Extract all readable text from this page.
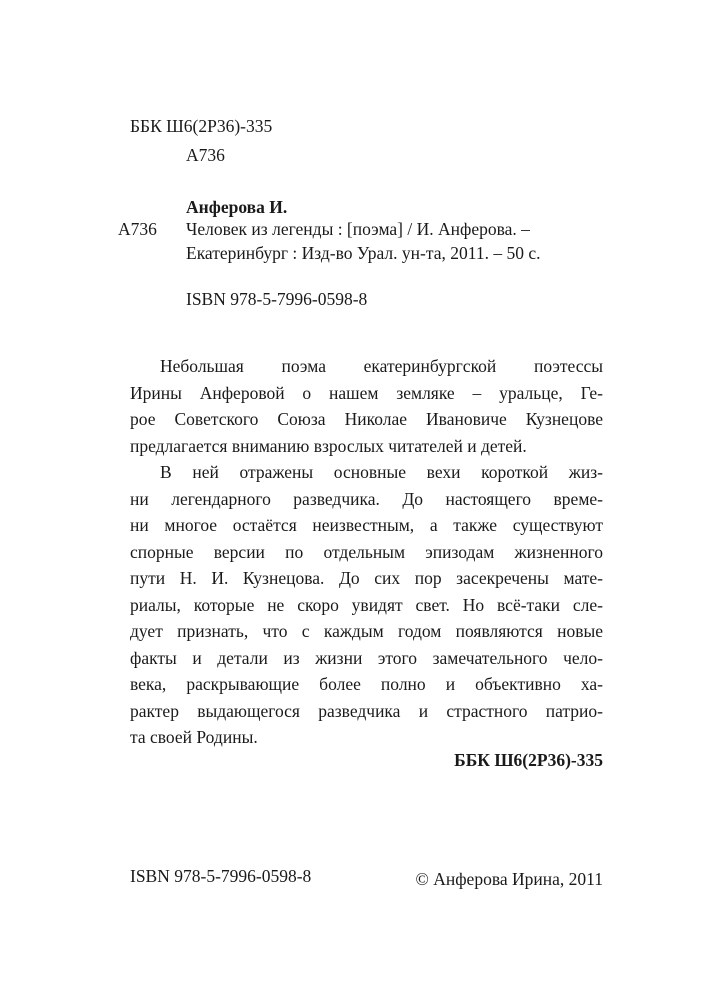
ББК Ш6(2Р36)-335
А736
Анферова И.
А736 Человек из легенды : [поэма] / И. Анферова. –
Екатеринбург : Изд-во Урал. ун-та, 2011. – 50 с.
ISBN 978-5-7996-0598-8
Небольшая поэма екатеринбургской поэтессы
Ирины Анферовой о нашем земляке – уральце, Ге-
рое Советского Союза Николае Ивановиче Кузнецове
предлагается вниманию взрослых читателей и детей.
В ней отражены основные вехи короткой жиз-
ни легендарного разведчика. До настоящего време-
ни многое остаётся неизвестным, а также существуют
спорные версии по отдельным эпизодам жизненного
пути Н. И. Кузнецова. До сих пор засекречены мате-
риалы, которые не скоро увидят свет. Но всё-таки сле-
дует признать, что с каждым годом появляются новые
факты и детали из жизни этого замечательного чело-
века, раскрывающие более полно и объективно ха-
рактер выдающегося разведчика и страстного патрио-
та своей Родины.
ББК Ш6(2Р36)-335
ISBN 978-5-7996-0598-8	© Анферова Ирина, 2011
